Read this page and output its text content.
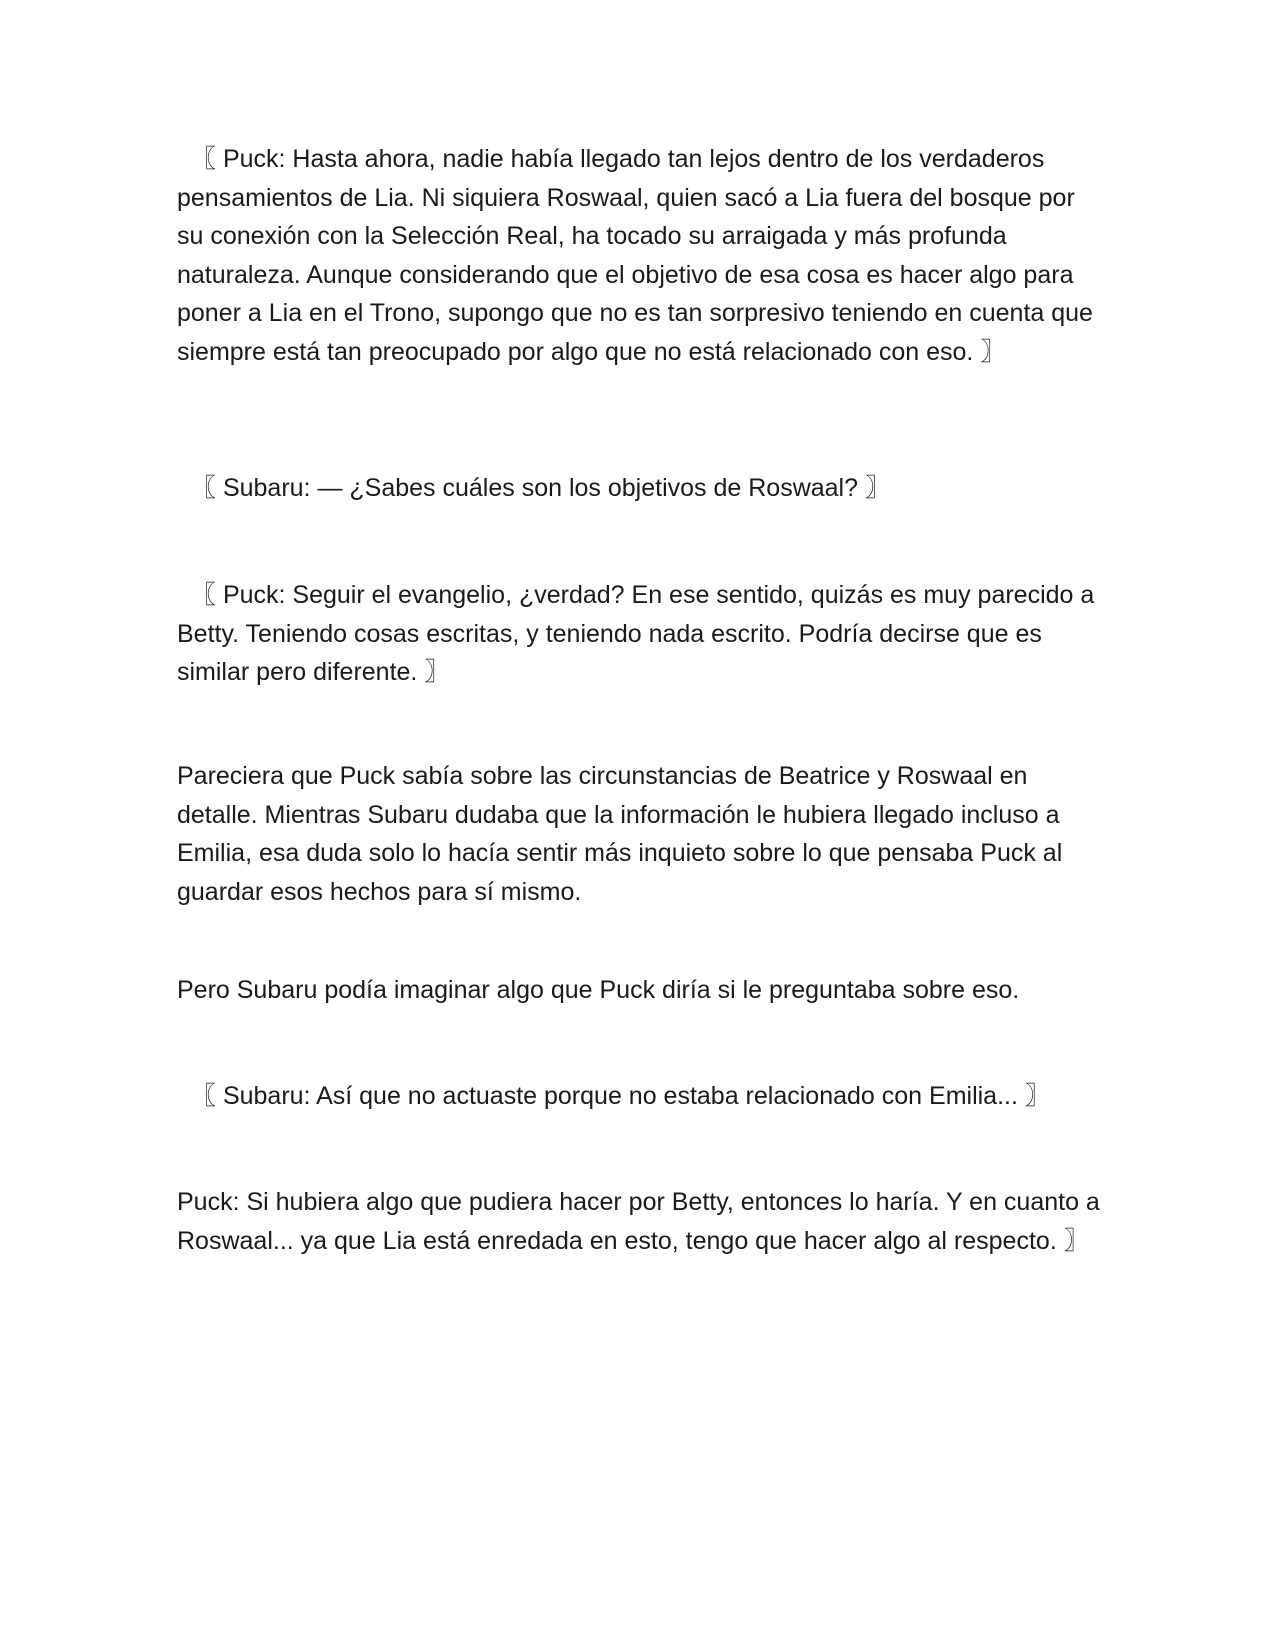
〖 Puck: Hasta ahora, nadie había llegado tan lejos dentro de los verdaderos pensamientos de Lia. Ni siquiera Roswaal, quien sacó a Lia fuera del bosque por su conexión con la Selección Real, ha tocado su arraigada y más profunda naturaleza. Aunque considerando que el objetivo de esa cosa es hacer algo para poner a Lia en el Trono, supongo que no es tan sorpresivo teniendo en cuenta que siempre está tan preocupado por algo que no está relacionado con eso. 〗

〖 Subaru: — ¿Sabes cuáles son los objetivos de Roswaal? 〗

〖 Puck: Seguir el evangelio, ¿verdad? En ese sentido, quizás es muy parecido a Betty. Teniendo cosas escritas, y teniendo nada escrito. Podría decirse que es similar pero diferente. 〗

Pareciera que Puck sabía sobre las circunstancias de Beatrice y Roswaal en detalle. Mientras Subaru dudaba que la información le hubiera llegado incluso a Emilia, esa duda solo lo hacía sentir más inquieto sobre lo que pensaba Puck al guardar esos hechos para sí mismo.

Pero Subaru podía imaginar algo que Puck diría si le preguntaba sobre eso.

〖 Subaru: Así que no actuaste porque no estaba relacionado con Emilia... 〗

Puck: Si hubiera algo que pudiera hacer por Betty, entonces lo haría. Y en cuanto a Roswaal... ya que Lia está enredada en esto, tengo que hacer algo al respecto. 〗
